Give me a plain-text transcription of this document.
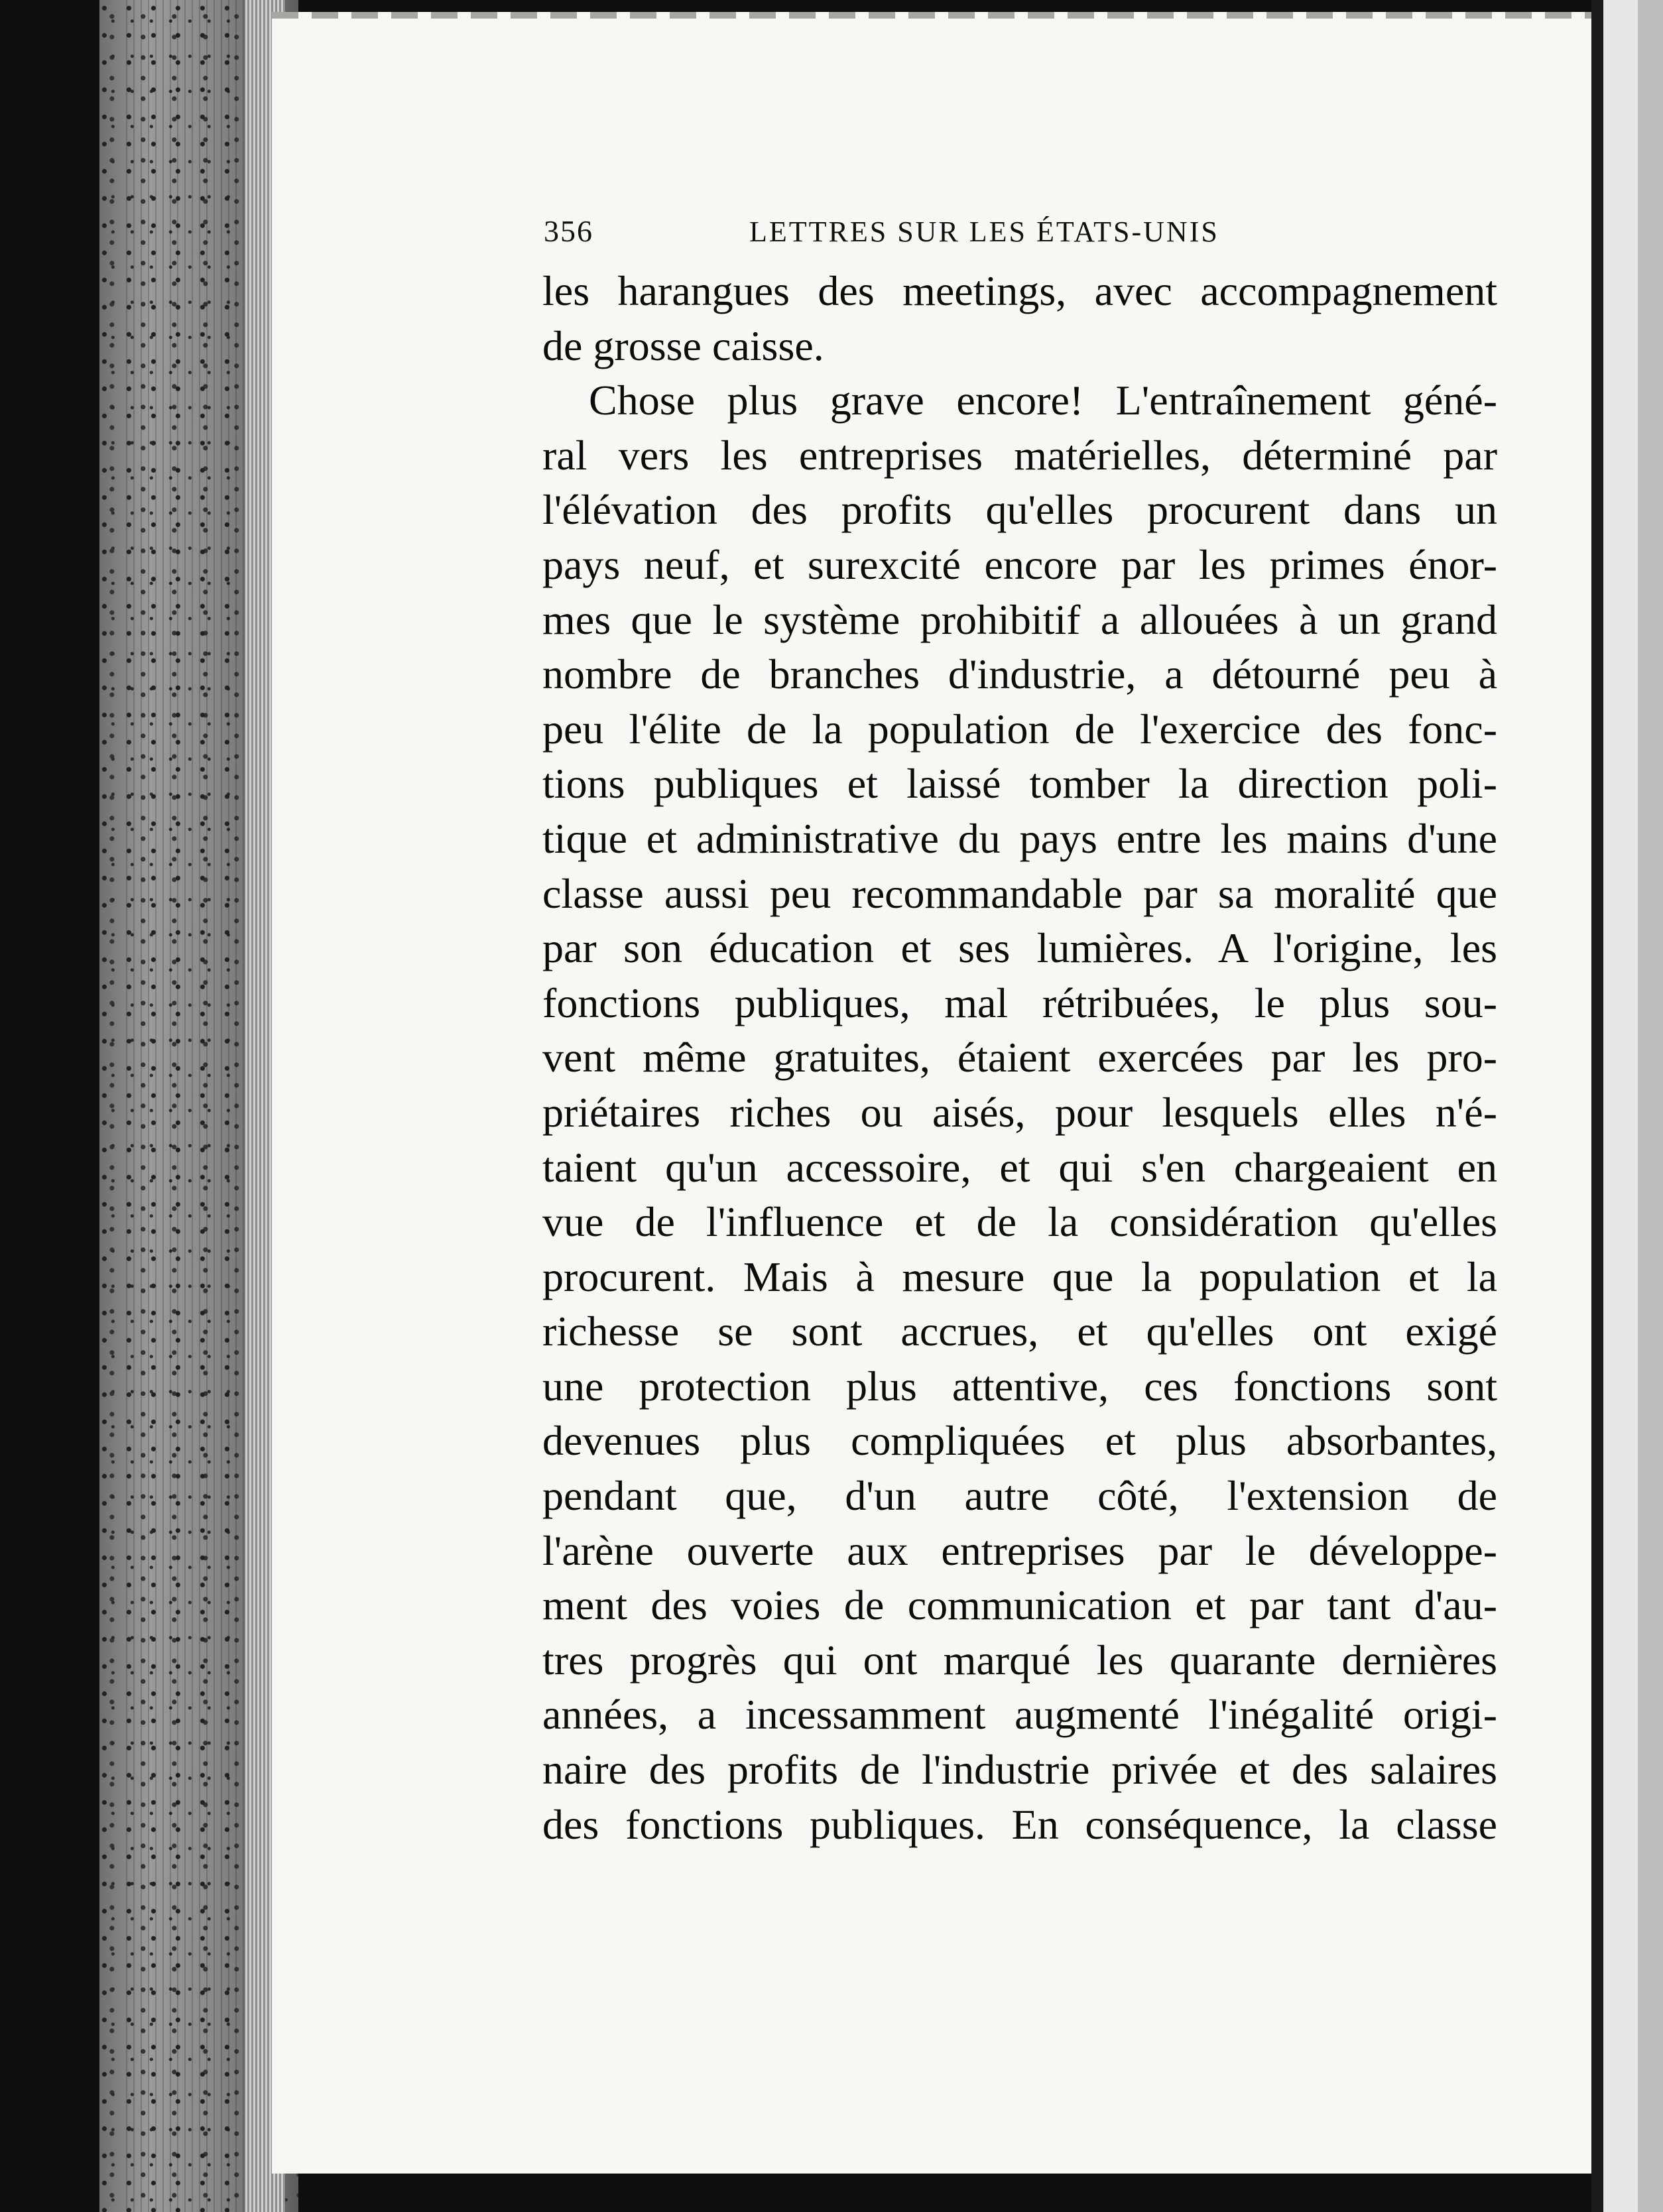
356	LETTRES SUR LES ÉTATS-UNIS
les harangues des meetings, avec accompagnement
de grosse caisse.
Chose plus grave encore! L'entraînement géné-
ral vers les entreprises matérielles, déterminé par
l'élévation des profits qu'elles procurent dans un
pays neuf, et surexcité encore par les primes énor-
mes que le système prohibitif a allouées à un grand
nombre de branches d'industrie, a détourné peu à
peu l'élite de la population de l'exercice des fonc-
tions publiques et laissé tomber la direction poli-
tique et administrative du pays entre les mains d'une
classe aussi peu recommandable par sa moralité que
par son éducation et ses lumières. A l'origine, les
fonctions publiques, mal rétribuées, le plus sou-
vent même gratuites, étaient exercées par les pro-
priétaires riches ou aisés, pour lesquels elles n'é-
taient qu'un accessoire, et qui s'en chargeaient en
vue de l'influence et de la considération qu'elles
procurent. Mais à mesure que la population et la
richesse se sont accrues, et qu'elles ont exigé
une protection plus attentive, ces fonctions sont
devenues plus compliquées et plus absorbantes,
pendant que, d'un autre côté, l'extension de
l'arène ouverte aux entreprises par le développe-
ment des voies de communication et par tant d'au-
tres progrès qui ont marqué les quarante dernières
années, a incessamment augmenté l'inégalité origi-
naire des profits de l'industrie privée et des salaires
des fonctions publiques. En conséquence, la classe
